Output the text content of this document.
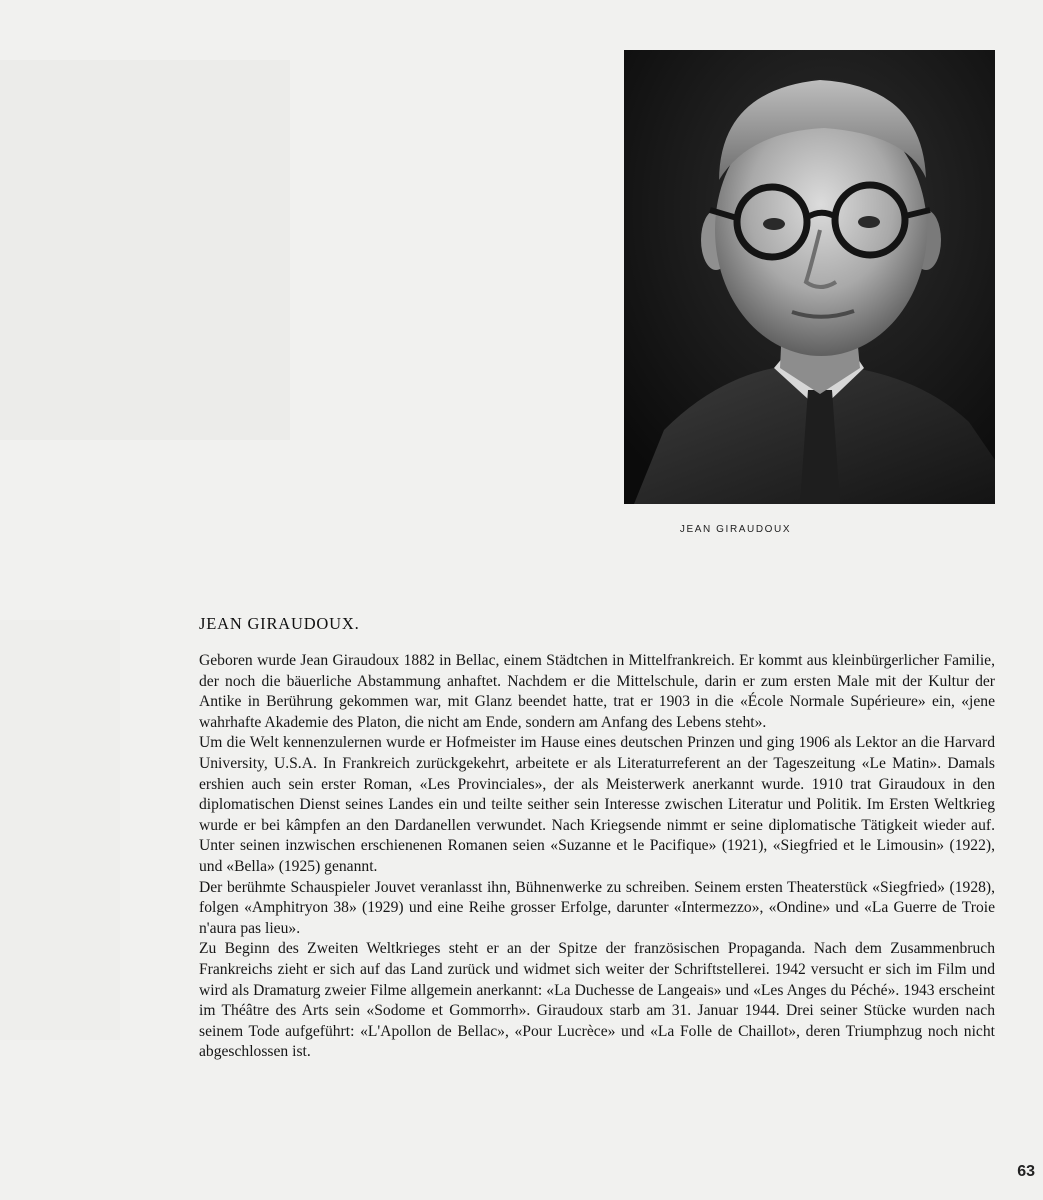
JEAN GIRAUDOUX
JEAN GIRAUDOUX.

Geboren wurde Jean Giraudoux 1882 in Bellac, einem Städtchen in Mittelfrankreich. Er kommt aus kleinbürgerlicher Familie, der noch die bäuerliche Abstammung anhaftet. Nachdem er die Mittelschule, darin er zum ersten Male mit der Kultur der Antike in Berührung gekommen war, mit Glanz beendet hatte, trat er 1903 in die «École Normale Supérieure» ein, «jene wahrhafte Akademie des Platon, die nicht am Ende, sondern am Anfang des Lebens steht».

Um die Welt kennenzulernen wurde er Hofmeister im Hause eines deutschen Prinzen und ging 1906 als Lektor an die Harvard University, U.S.A. In Frankreich zurückgekehrt, arbeitete er als Literaturreferent an der Tageszeitung «Le Matin». Damals ershien auch sein erster Roman, «Les Provinciales», der als Meisterwerk anerkannt wurde. 1910 trat Giraudoux in den diplomatischen Dienst seines Landes ein und teilte seither sein Interesse zwischen Literatur und Politik. Im Ersten Weltkrieg wurde er bei kâmpfen an den Dardanellen verwundet. Nach Kriegsende nimmt er seine diplomatische Tätigkeit wieder auf. Unter seinen inzwischen erschienenen Romanen seien «Suzanne et le Pacifique» (1921), «Siegfried et le Limousin» (1922), und «Bella» (1925) genannt.

Der berühmte Schauspieler Jouvet veranlasst ihn, Bühnenwerke zu schreiben. Seinem ersten Theaterstück «Siegfried» (1928), folgen «Amphitryon 38» (1929) und eine Reihe grosser Erfolge, darunter «Intermezzo», «Ondine» und «La Guerre de Troie n'aura pas lieu».

Zu Beginn des Zweiten Weltkrieges steht er an der Spitze der französischen Propaganda. Nach dem Zusammenbruch Frankreichs zieht er sich auf das Land zurück und widmet sich weiter der Schriftstellerei. 1942 versucht er sich im Film und wird als Dramaturg zweier Filme allgemein anerkannt: «La Duchesse de Langeais» und «Les Anges du Péché». 1943 erscheint im Théâtre des Arts sein «Sodome et Gommorrh». Giraudoux starb am 31. Januar 1944. Drei seiner Stücke wurden nach seinem Tode aufgeführt: «L'Apollon de Bellac», «Pour Lucrèce» und «La Folle de Chaillot», deren Triumphzug noch nicht abgeschlossen ist.

63
